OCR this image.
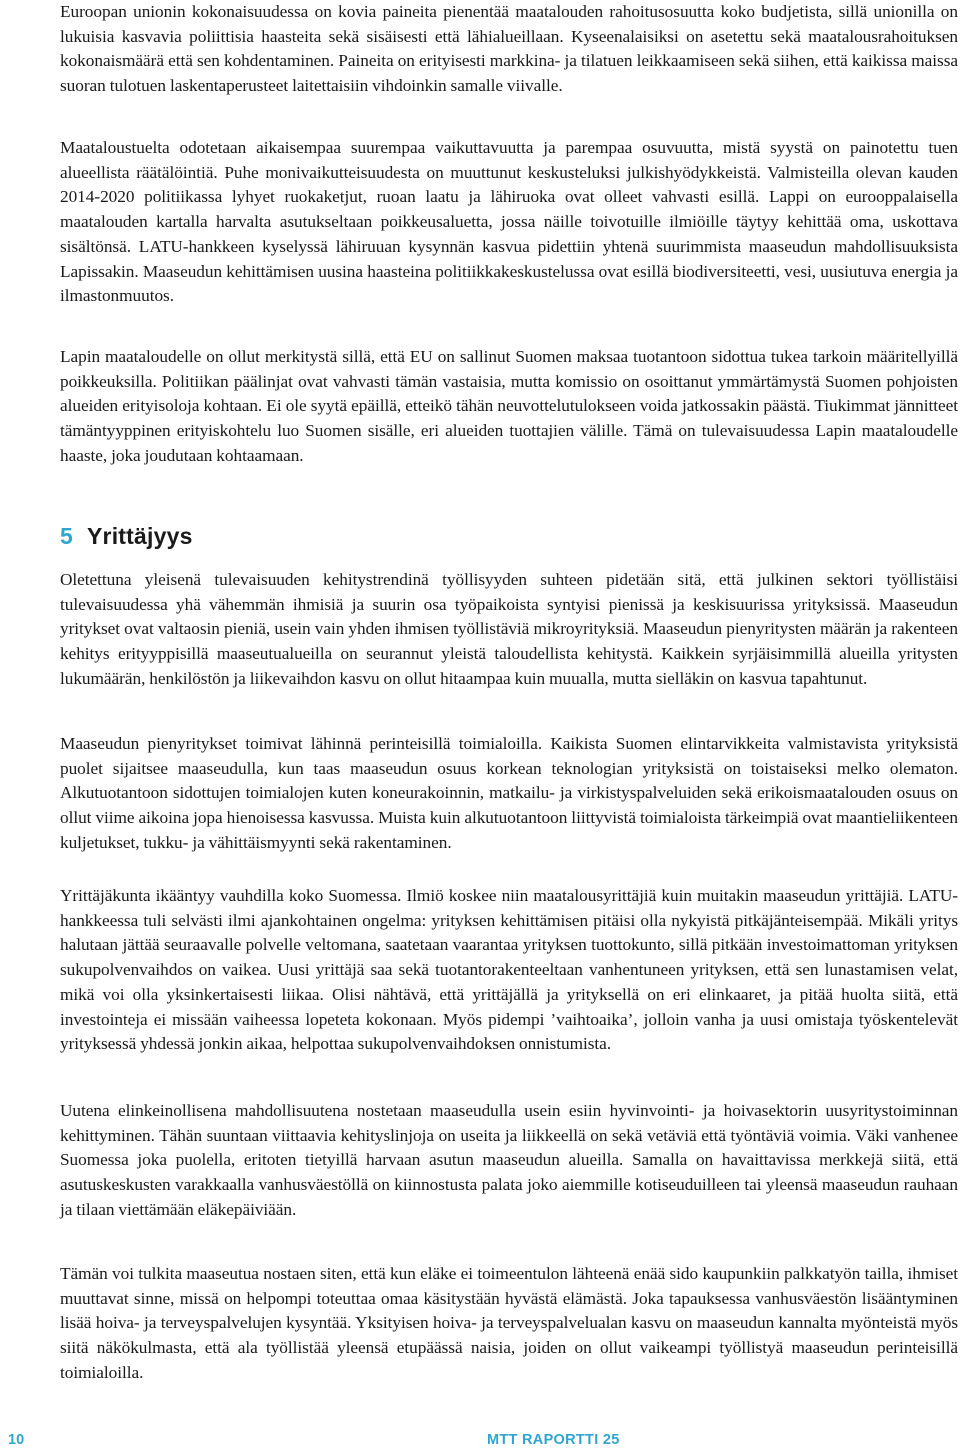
Euroopan unionin kokonaisuudessa on kovia paineita pienentää maatalouden rahoitusosuutta koko budjetista, sillä unionilla on lukuisia kasvavia poliittisia haasteita sekä sisäisesti että lähialueillaan. Kyseenalaisiksi on asetettu sekä maatalousrahoituksen kokonaismäärä että sen kohdentaminen. Paineita on erityisesti markkina- ja tilatuen leikkaamiseen sekä siihen, että kaikissa maissa suoran tulotuen laskentaperusteet laitettaisiin vihdoinkin samalle viivalle.

Maataloustuelta odotetaan aikaisempaa suurempaa vaikuttavuutta ja parempaa osuvuutta, mistä syystä on painotettu tuen alueellista räätälöintiä. Puhe monivaikutteisuudesta on muuttunut keskusteluksi julkishyödykkeistä. Valmisteilla olevan kauden 2014-2020 politiikassa lyhyet ruokaketjut, ruoan laatu ja lähiruoka ovat olleet vahvasti esillä. Lappi on eurooppalaisella maatalouden kartalla harvalta asutukseltaan poikkeusaluetta, jossa näille toivotuille ilmiöille täytyy kehittää oma, uskottava sisältönsä. LATU-hankkeen kyselyssä lähiruuan kysynnän kasvua pidettiin yhtenä suurimmista maaseudun mahdollisuuksista Lapissakin. Maaseudun kehittämisen uusina haasteina politiikkakeskustelussa ovat esillä biodiversiteetti, vesi, uusiutuva energia ja ilmastonmuutos.

Lapin maataloudelle on ollut merkitystä sillä, että EU on sallinut Suomen maksaa tuotantoon sidottua tukea tarkoin määritellyillä poikkeuksilla. Politiikan päälinjat ovat vahvasti tämän vastaisia, mutta komissio on osoittanut ymmärtämystä Suomen pohjoisten alueiden erityisoloja kohtaan. Ei ole syytä epäillä, etteikö tähän neuvottelutulokseen voida jatkossakin päästä. Tiukimmat jännitteet tämäntyyppinen erityiskohtelu luo Suomen sisälle, eri alueiden tuottajien välille. Tämä on tulevaisuudessa Lapin maataloudelle haaste, joka joudutaan kohtaamaan.

5 Yrittäjyys

Oletettuna yleisenä tulevaisuuden kehitystrendinä työllisyyden suhteen pidetään sitä, että julkinen sektori työllistäisi tulevaisuudessa yhä vähemmän ihmisiä ja suurin osa työpaikoista syntyisi pienissä ja keskisuurissa yrityksissä. Maaseudun yritykset ovat valtaosin pieniä, usein vain yhden ihmisen työllistäviä mikroyrityksiä. Maaseudun pienyritysten määrän ja rakenteen kehitys erityyppisillä maaseutualueilla on seurannut yleistä taloudellista kehitystä. Kaikkein syrjäisimmillä alueilla yritysten lukumäärän, henkilöstön ja liikevaihdon kasvu on ollut hitaampaa kuin muualla, mutta sielläkin on kasvua tapahtunut.

Maaseudun pienyritykset toimivat lähinnä perinteisillä toimialoilla. Kaikista Suomen elintarvikkeita valmistavista yrityksistä puolet sijaitsee maaseudulla, kun taas maaseudun osuus korkean teknologian yrityksistä on toistaiseksi melko olematon. Alkutuotantoon sidottujen toimialojen kuten koneurakoinnin, matkailu- ja virkistyspalveluiden sekä erikoismaatalouden osuus on ollut viime aikoina jopa hienoisessa kasvussa. Muista kuin alkutuotantoon liittyvistä toimialoista tärkeimpiä ovat maantieliikenteen kuljetukset, tukku- ja vähittäismyynti sekä rakentaminen.

Yrittäjäkunta ikääntyy vauhdilla koko Suomessa. Ilmiö koskee niin maatalousyrittäjiä kuin muitakin maaseudun yrittäjiä. LATU-hankkeessa tuli selvästi ilmi ajankohtainen ongelma: yrityksen kehittämisen pitäisi olla nykyistä pitkäjänteisempää. Mikäli yritys halutaan jättää seuraavalle polvelle veltomana, saatetaan vaarantaa yrityksen tuottokunto, sillä pitkään investoimattoman yrityksen sukupolvenvaihdos on vaikea. Uusi yrittäjä saa sekä tuotantorakenteeltaan vanhentuneen yrityksen, että sen lunastamisen velat, mikä voi olla yksinkertaisesti liikaa. Olisi nähtävä, että yrittäjällä ja yrityksellä on eri elinkaaret, ja pitää huolta siitä, että investointeja ei missään vaiheessa lopeteta kokonaan. Myös pidempi ’vaihtoaika’, jolloin vanha ja uusi omistaja työskentelevät yrityksessä yhdessä jonkin aikaa, helpottaa sukupolvenvaihdoksen onnistumista.

Uutena elinkeinollisena mahdollisuutena nostetaan maaseudulla usein esiin hyvinvointi- ja hoivasektorin uusyritystoiminnan kehittyminen. Tähän suuntaan viittaavia kehityslinjoja on useita ja liikkeellä on sekä vetäviä että työntäviä voimia. Väki vanhenee Suomessa joka puolella, eritoten tietyillä harvaan asutun maaseudun alueilla. Samalla on havaittavissa merkkejä siitä, että asutuskeskusten varakkaalla vanhusväestöllä on kiinnostusta palata joko aiemmille kotiseuduilleen tai yleensä maaseudun rauhaan ja tilaan viettämään eläkepäiviään.

Tämän voi tulkita maaseutua nostaen siten, että kun eläke ei toimeentulon lähteenä enää sido kaupunkiin palkkatyön tailla, ihmiset muuttavat sinne, missä on helpompi toteuttaa omaa käsitystään hyvästä elämästä. Joka tapauksessa vanhusväestön lisääntyminen lisää hoiva- ja terveyspalvelujen kysyntää. Yksityisen hoiva- ja terveyspalvelualan kasvu on maaseudun kannalta myönteistä myös siitä näkökulmasta, että ala työllistää yleensä etupäässä naisia, joiden on ollut vaikeampi työllistyä maaseudun perinteisillä toimialoilla.

10	MTT RAPORTTI 25
